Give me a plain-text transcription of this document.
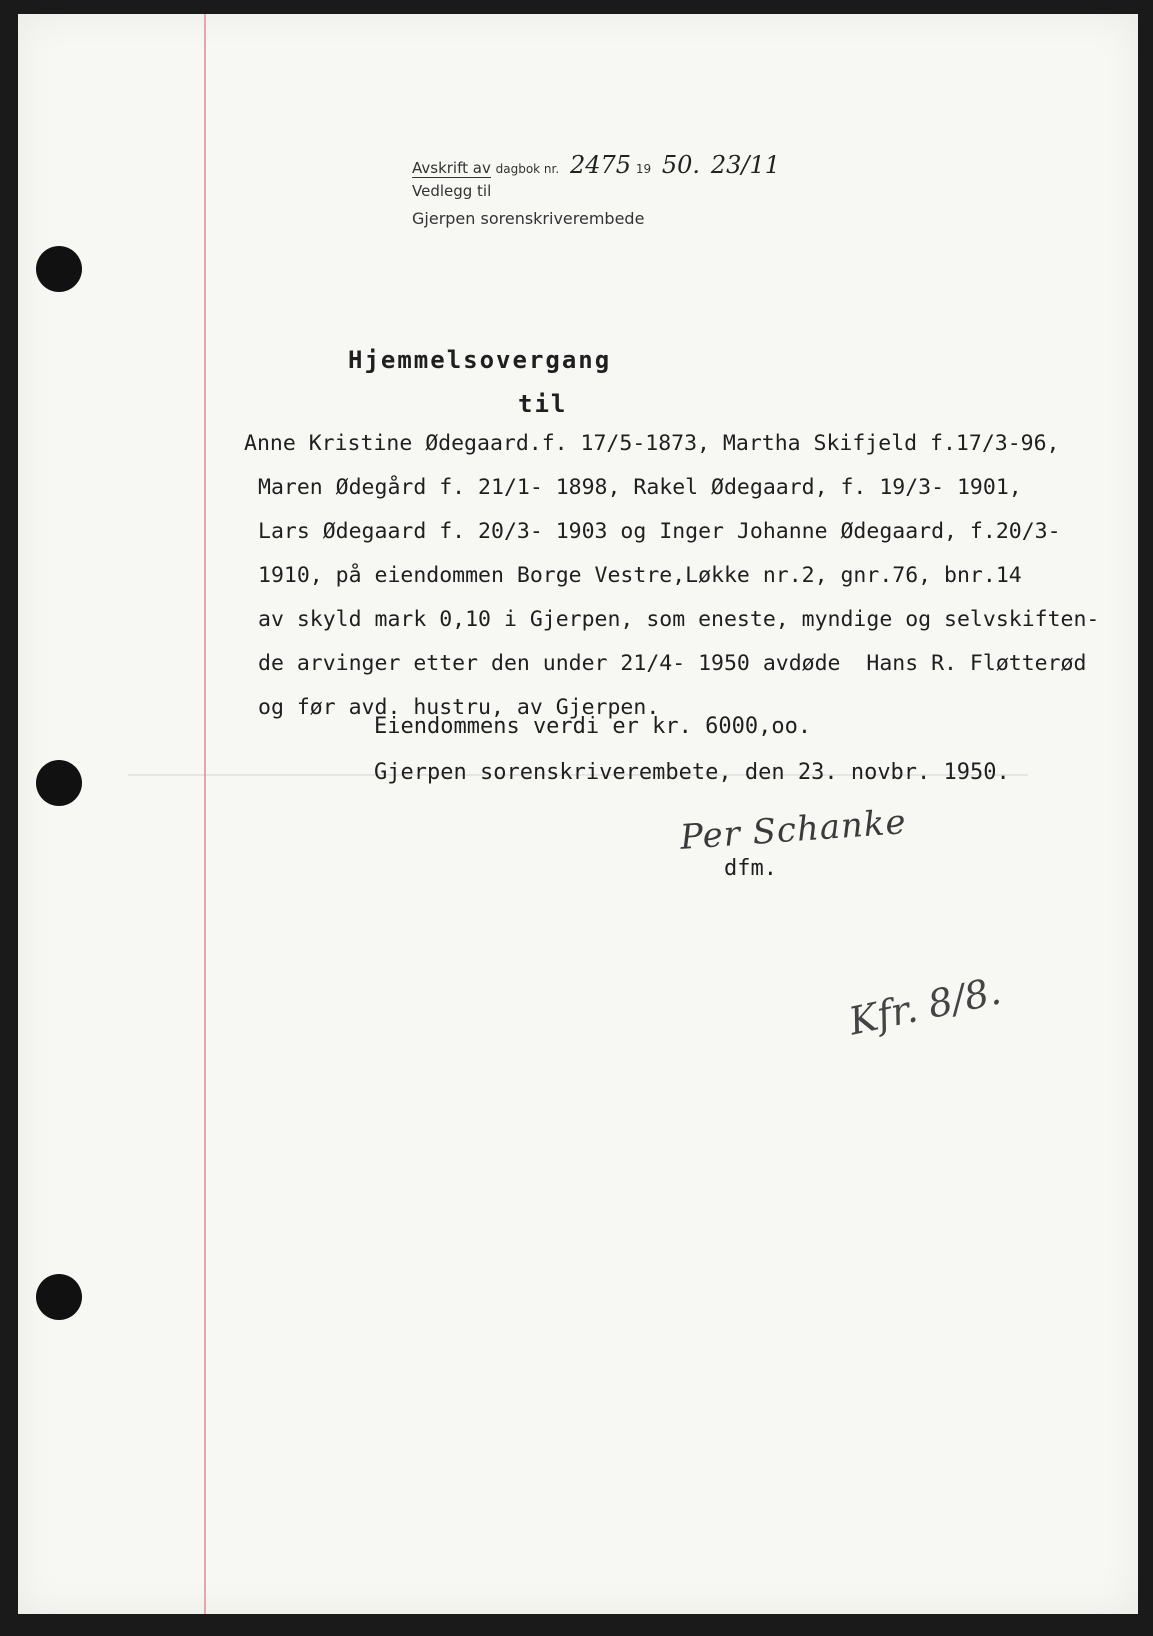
Avskrift av dagbok nr. 2475 19 50. 23/11
Vedlegg til
Gjerpen sorenskriverembede
Hjemmelsovergang
til
Anne Kristine Ødegaard.f. 17/5-1873, Martha Skifjeld f.17/3-96,
Maren Ødegård f. 21/1- 1898, Rakel Ødegaard, f. 19/3- 1901,
Lars Ødegaard f. 20/3- 1903 og Inger Johanne Ødegaard, f.20/3-
1910, på eiendommen Borge Vestre,Løkke nr.2, gnr.76, bnr.14
av skyld mark 0,10 i Gjerpen, som eneste, myndige og selvskiften-
de arvinger etter den under 21/4- 1950 avdøde  Hans R. Fløtterød
og før avd. hustru, av Gjerpen.
Eiendommens verdi er kr. 6000,oo.
Gjerpen sorenskriverembete, den 23. novbr. 1950.
Per Schanke
dfm.
Kfr. 8/8.
